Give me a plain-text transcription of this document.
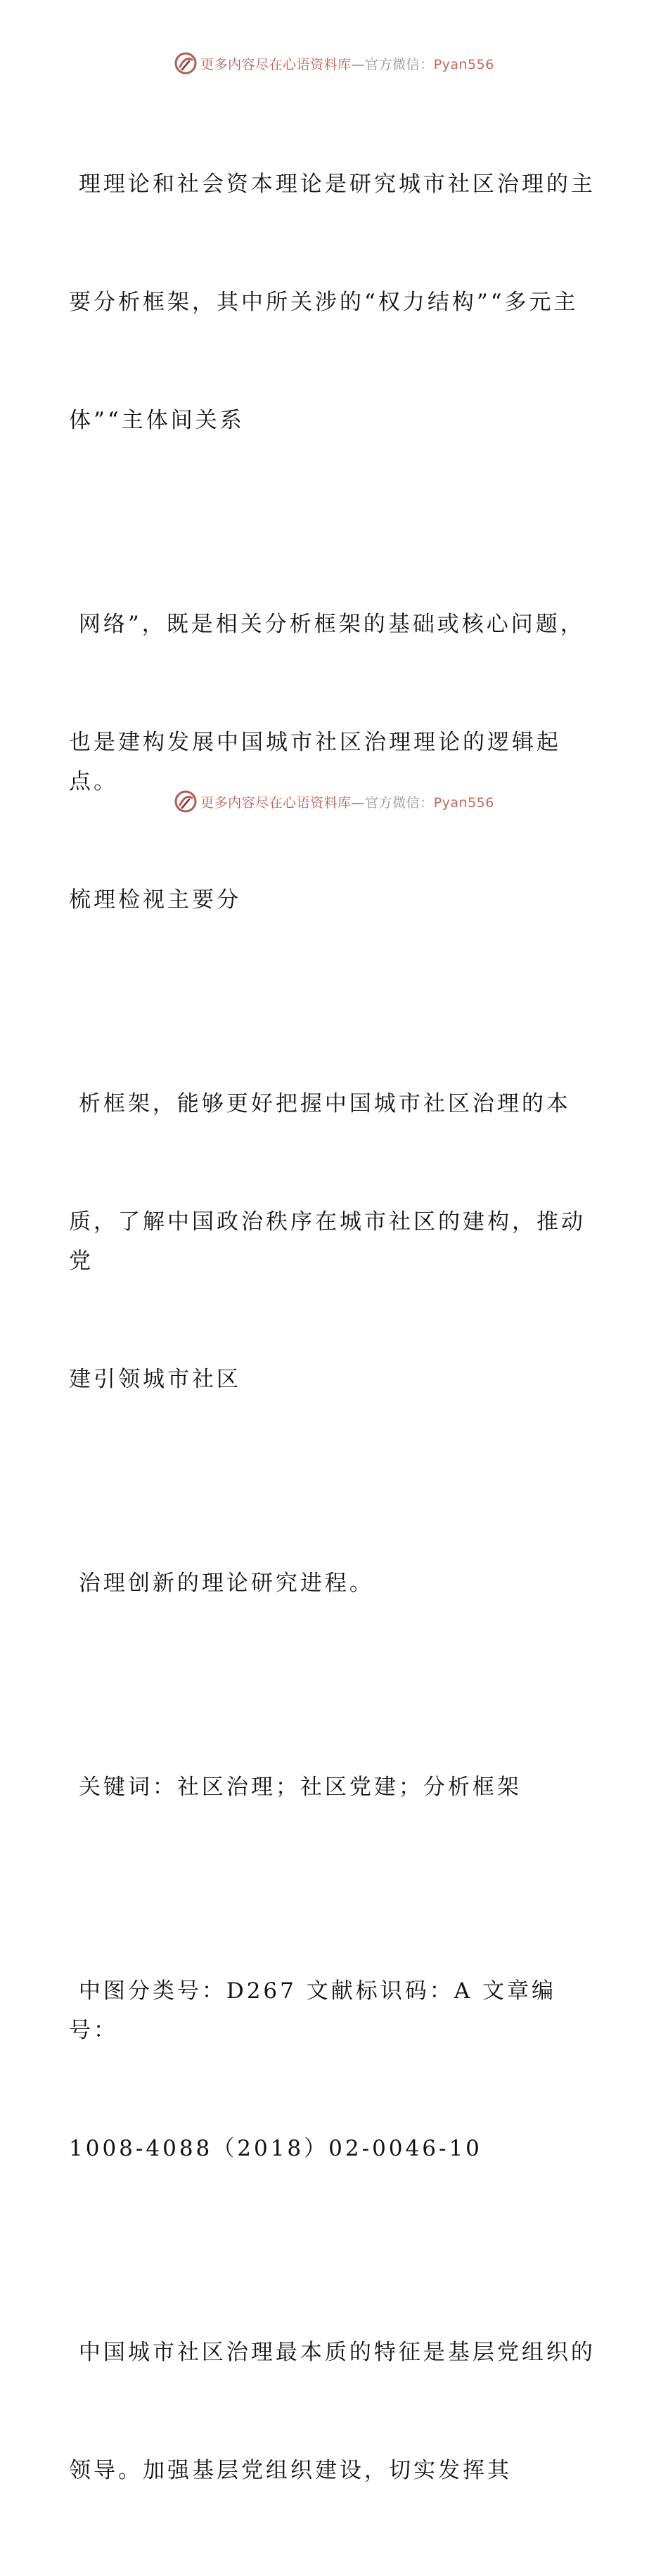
更多内容尽在心语资料库—官方微信：Pyan556

理理论和社会资本理论是研究城市社区治理的主

要分析框架，其中所关涉的“权力结构”“多元主

体”“主体间关系

网络”，既是相关分析框架的基础或核心问题，

也是建构发展中国城市社区治理理论的逻辑起点。

梳理检视主要分

析框架，能够更好把握中国城市社区治理的本

质，了解中国政治秩序在城市社区的建构，推动党

建引领城市社区

治理创新的理论研究进程。

关键词：社区治理；社区党建；分析框架

中图分类号：D267 文献标识码：A 文章编号：

1008-4088（2018）02-0046-10

中国城市社区治理最本质的特征是基层党组织的

领导。加强基层党组织建设，切实发挥其

更多内容尽在心语资料库—官方微信：Pyan556
